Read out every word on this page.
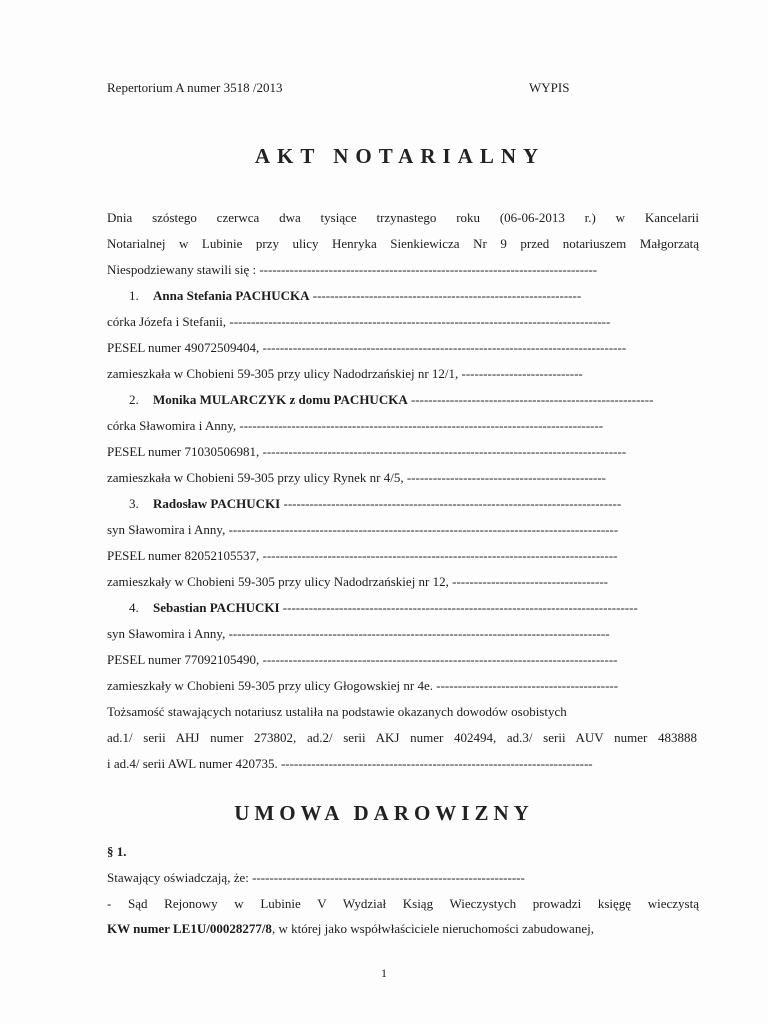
Repertorium A numer 3518 /2013	WYPIS
AKT NOTARIALNY
Dnia szóstego czerwca dwa tysiące trzynastego roku (06-06-2013 r.) w Kancelarii
Notarialnej w Lubinie przy ulicy Henryka Sienkiewicza Nr 9 przed notariuszem Małgorzatą
Niespodziewany stawili się : ------------------------------------------------------------------------------
1. Anna Stefania PACHUCKA --------------------------------------------------------------
córka Józefa i Stefanii, ----------------------------------------------------------------------------------------
PESEL numer 49072509404, ------------------------------------------------------------------------------------
zamieszkała w Chobieni 59-305 przy ulicy Nadodrzańskiej nr 12/1, ----------------------------
2. Monika MULARCZYK z domu PACHUCKA --------------------------------------------------------
córka Sławomira i Anny, ------------------------------------------------------------------------------------
PESEL numer 71030506981, ------------------------------------------------------------------------------------
zamieszkała w Chobieni 59-305 przy ulicy Rynek nr 4/5, ----------------------------------------------
3. Radosław PACHUCKI ------------------------------------------------------------------------------
syn Sławomira i Anny, ------------------------------------------------------------------------------------------
PESEL numer 82052105537, ----------------------------------------------------------------------------------
zamieszkały w Chobieni 59-305 przy ulicy Nadodrzańskiej nr 12, ------------------------------------
4. Sebastian PACHUCKI ----------------------------------------------------------------------------------
syn Sławomira i Anny, ----------------------------------------------------------------------------------------
PESEL numer 77092105490, ----------------------------------------------------------------------------------
zamieszkały w Chobieni 59-305 przy ulicy Głogowskiej nr 4e. ------------------------------------------
Tożsamość stawających notariusz ustaliła na podstawie okazanych dowodów osobistych
ad.1/ serii AHJ numer 273802, ad.2/ serii AKJ numer 402494, ad.3/ serii AUV numer 483888
i ad.4/ serii AWL numer 420735. ------------------------------------------------------------------------
UMOWA DAROWIZNY
§ 1.
Stawający oświadczają, że: ---------------------------------------------------------------
- Sąd Rejonowy w Lubinie V Wydział Ksiąg Wieczystych prowadzi księgę wieczystą
KW numer LE1U/00028277/8, w której jako współwłaściciele nieruchomości zabudowanej,
1
